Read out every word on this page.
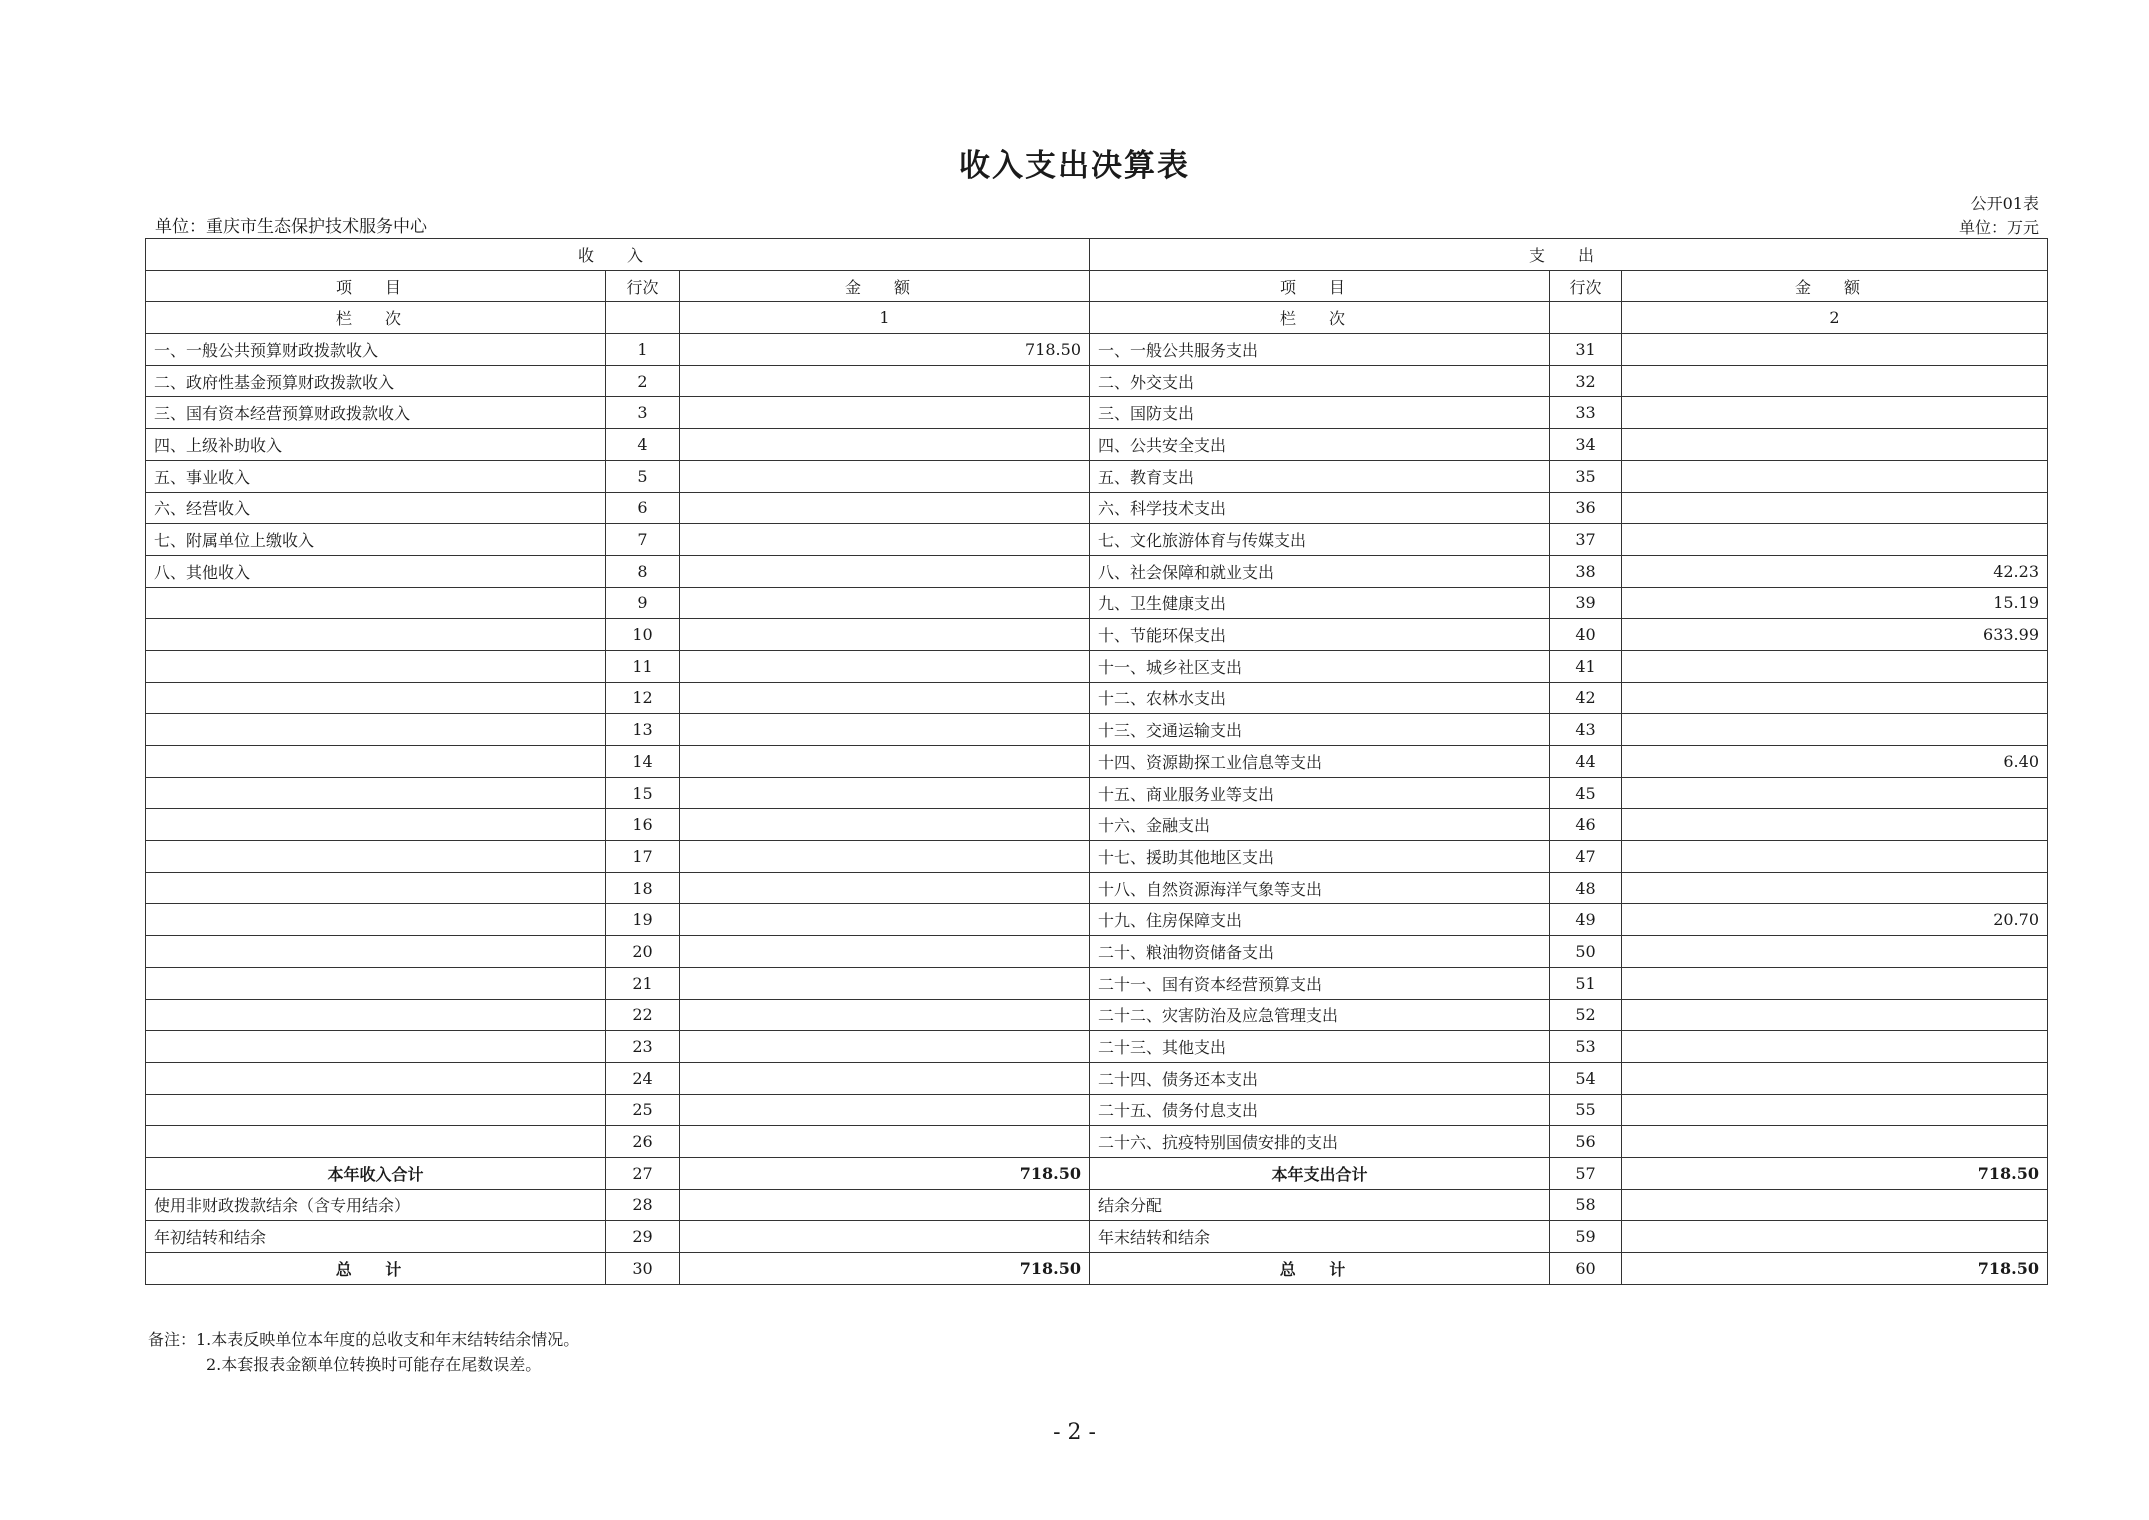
收入支出决算表
公开01表
单位：重庆市生态保护技术服务中心	单位：万元
收 入			支 出		
项 目	行次	金 额	项 目	行次	金 额
栏 次		1	栏 次		2
一、一般公共预算财政拨款收入	1	718.50	一、一般公共服务支出	31	
二、政府性基金预算财政拨款收入	2		二、外交支出	32	
三、国有资本经营预算财政拨款收入	3		三、国防支出	33	
四、上级补助收入	4		四、公共安全支出	34	
五、事业收入	5		五、教育支出	35	
六、经营收入	6		六、科学技术支出	36	
七、附属单位上缴收入	7		七、文化旅游体育与传媒支出	37	
八、其他收入	8		八、社会保障和就业支出	38	42.23
	9		九、卫生健康支出	39	15.19
	10		十、节能环保支出	40	633.99
	11		十一、城乡社区支出	41	
	12		十二、农林水支出	42	
	13		十三、交通运输支出	43	
	14		十四、资源勘探工业信息等支出	44	6.40
	15		十五、商业服务业等支出	45	
	16		十六、金融支出	46	
	17		十七、援助其他地区支出	47	
	18		十八、自然资源海洋气象等支出	48	
	19		十九、住房保障支出	49	20.70
	20		二十、粮油物资储备支出	50	
	21		二十一、国有资本经营预算支出	51	
	22		二十二、灾害防治及应急管理支出	52	
	23		二十三、其他支出	53	
	24		二十四、债务还本支出	54	
	25		二十五、债务付息支出	55	
	26		二十六、抗疫特别国债安排的支出	56	
本年收入合计	27	718.50	本年支出合计	57	718.50
使用非财政拨款结余（含专用结余）	28		结余分配	58	
年初结转和结余	29		年末结转和结余	59	
总 计	30	718.50	总 计	60	718.50
备注：1.本表反映单位本年度的总收支和年末结转结余情况。
2.本套报表金额单位转换时可能存在尾数误差。
- 2 -
